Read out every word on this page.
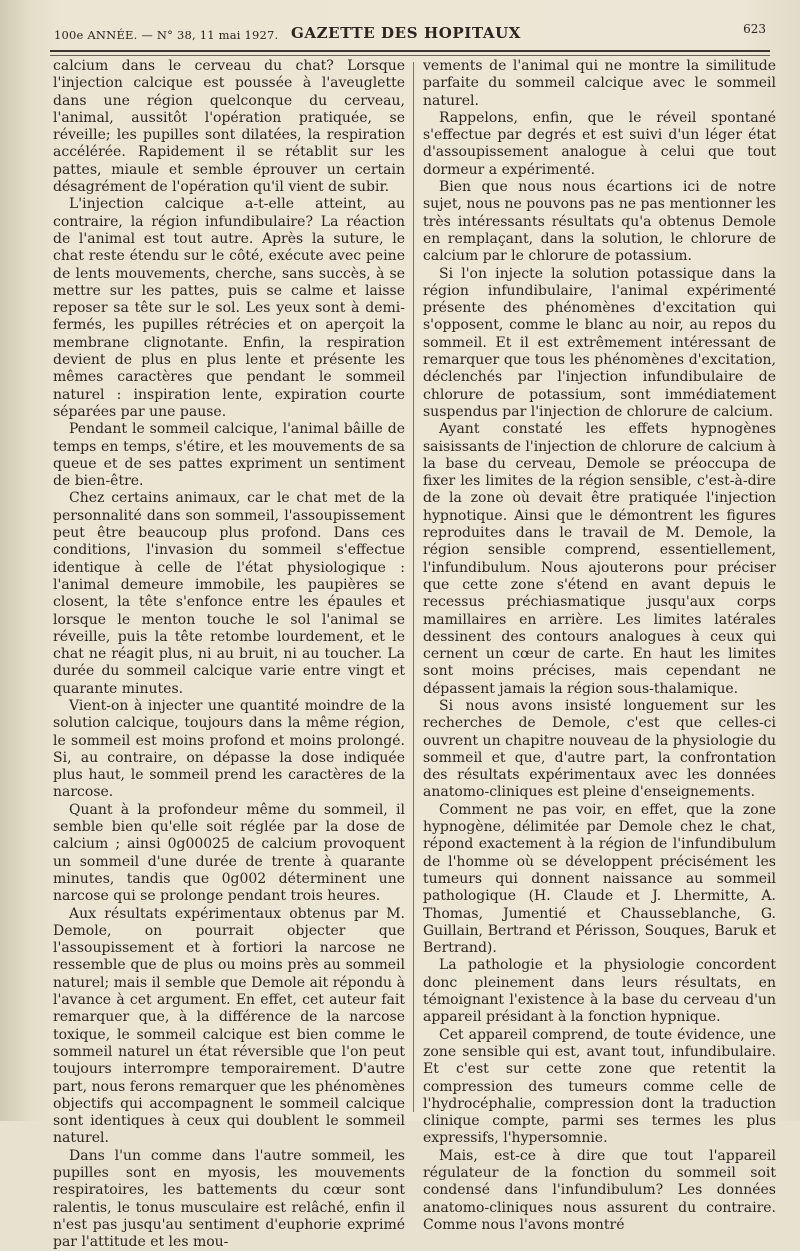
100e ANNÉE. — N° 38, 11 mai 1927. GAZETTE DES HOPITAUX	623

calcium dans le cerveau du chat? Lorsque l'injection calcique est poussée à l'aveuglette dans une région quelconque du cerveau, l'animal, aussitôt l'opération pratiquée, se réveille; les pupilles sont dilatées, la respiration accélérée. Rapidement il se rétablit sur les pattes, miaule et semble éprouver un certain désagrément de l'opération qu'il vient de subir.

L'injection calcique a-t-elle atteint, au contraire, la région infundibulaire? La réaction de l'animal est tout autre. Après la suture, le chat reste étendu sur le côté, exécute avec peine de lents mouvements, cherche, sans succès, à se mettre sur les pattes, puis se calme et laisse reposer sa tête sur le sol. Les yeux sont à demi-fermés, les pupilles rétrécies et on aperçoit la membrane clignotante. Enfin, la respiration devient de plus en plus lente et présente les mêmes caractères que pendant le sommeil naturel : inspiration lente, expiration courte séparées par une pause.

Pendant le sommeil calcique, l'animal bâille de temps en temps, s'étire, et les mouvements de sa queue et de ses pattes expriment un sentiment de bien-être.

Chez certains animaux, car le chat met de la personnalité dans son sommeil, l'assoupissement peut être beaucoup plus profond. Dans ces conditions, l'invasion du sommeil s'effectue identique à celle de l'état physiologique : l'animal demeure immobile, les paupières se closent, la tête s'enfonce entre les épaules et lorsque le menton touche le sol l'animal se réveille, puis la tête retombe lourdement, et le chat ne réagit plus, ni au bruit, ni au toucher. La durée du sommeil calcique varie entre vingt et quarante minutes.

Vient-on à injecter une quantité moindre de la solution calcique, toujours dans la même région, le sommeil est moins profond et moins prolongé. Si, au contraire, on dépasse la dose indiquée plus haut, le sommeil prend les caractères de la narcose.

Quant à la profondeur même du sommeil, il semble bien qu'elle soit réglée par la dose de calcium ; ainsi 0g00025 de calcium provoquent un sommeil d'une durée de trente à quarante minutes, tandis que 0g002 déterminent une narcose qui se prolonge pendant trois heures.

Aux résultats expérimentaux obtenus par M. Demole, on pourrait objecter que l'assoupissement et à fortiori la narcose ne ressemble que de plus ou moins près au sommeil naturel; mais il semble que Demole ait répondu à l'avance à cet argument. En effet, cet auteur fait remarquer que, à la différence de la narcose toxique, le sommeil calcique est bien comme le sommeil naturel un état réversible que l'on peut toujours interrompre temporairement. D'autre part, nous ferons remarquer que les phénomènes objectifs qui accompagnent le sommeil calcique sont identiques à ceux qui doublent le sommeil naturel.

Dans l'un comme dans l'autre sommeil, les pupilles sont en myosis, les mouvements respiratoires, les battements du cœur sont ralentis, le tonus musculaire est relâché, enfin il n'est pas jusqu'au sentiment d'euphorie exprimé par l'attitude et les mou-

vements de l'animal qui ne montre la similitude parfaite du sommeil calcique avec le sommeil naturel.

Rappelons, enfin, que le réveil spontané s'effectue par degrés et est suivi d'un léger état d'assoupissement analogue à celui que tout dormeur a expérimenté.

Bien que nous nous écartions ici de notre sujet, nous ne pouvons pas ne pas mentionner les très intéressants résultats qu'a obtenus Demole en remplaçant, dans la solution, le chlorure de calcium par le chlorure de potassium.

Si l'on injecte la solution potassique dans la région infundibulaire, l'animal expérimenté présente des phénomènes d'excitation qui s'opposent, comme le blanc au noir, au repos du sommeil. Et il est extrêmement intéressant de remarquer que tous les phénomènes d'excitation, déclenchés par l'injection infundibulaire de chlorure de potassium, sont immédiatement suspendus par l'injection de chlorure de calcium.

Ayant constaté les effets hypnogènes saisissants de l'injection de chlorure de calcium à la base du cerveau, Demole se préoccupa de fixer les limites de la région sensible, c'est-à-dire de la zone où devait être pratiquée l'injection hypnotique. Ainsi que le démontrent les figures reproduites dans le travail de M. Demole, la région sensible comprend, essentiellement, l'infundibulum. Nous ajouterons pour préciser que cette zone s'étend en avant depuis le recessus préchiasmatique jusqu'aux corps mamillaires en arrière. Les limites latérales dessinent des contours analogues à ceux qui cernent un cœur de carte. En haut les limites sont moins précises, mais cependant ne dépassent jamais la région sous-thalamique.

Si nous avons insisté longuement sur les recherches de Demole, c'est que celles-ci ouvrent un chapitre nouveau de la physiologie du sommeil et que, d'autre part, la confrontation des résultats expérimentaux avec les données anatomo-cliniques est pleine d'enseignements.

Comment ne pas voir, en effet, que la zone hypnogène, délimitée par Demole chez le chat, répond exactement à la région de l'infundibulum de l'homme où se développent précisément les tumeurs qui donnent naissance au sommeil pathologique (H. Claude et J. Lhermitte, A. Thomas, Jumentié et Chausseblanche, G. Guillain, Bertrand et Périsson, Souques, Baruk et Bertrand).

La pathologie et la physiologie concordent donc pleinement dans leurs résultats, en témoignant l'existence à la base du cerveau d'un appareil présidant à la fonction hypnique.

Cet appareil comprend, de toute évidence, une zone sensible qui est, avant tout, infundibulaire. Et c'est sur cette zone que retentit la compression des tumeurs comme celle de l'hydrocéphalie, compression dont la traduction clinique compte, parmi ses termes les plus expressifs, l'hypersomnie.

Mais, est-ce à dire que tout l'appareil régulateur de la fonction du sommeil soit condensé dans l'infundibulum? Les données anatomo-cliniques nous assurent du contraire. Comme nous l'avons montré
